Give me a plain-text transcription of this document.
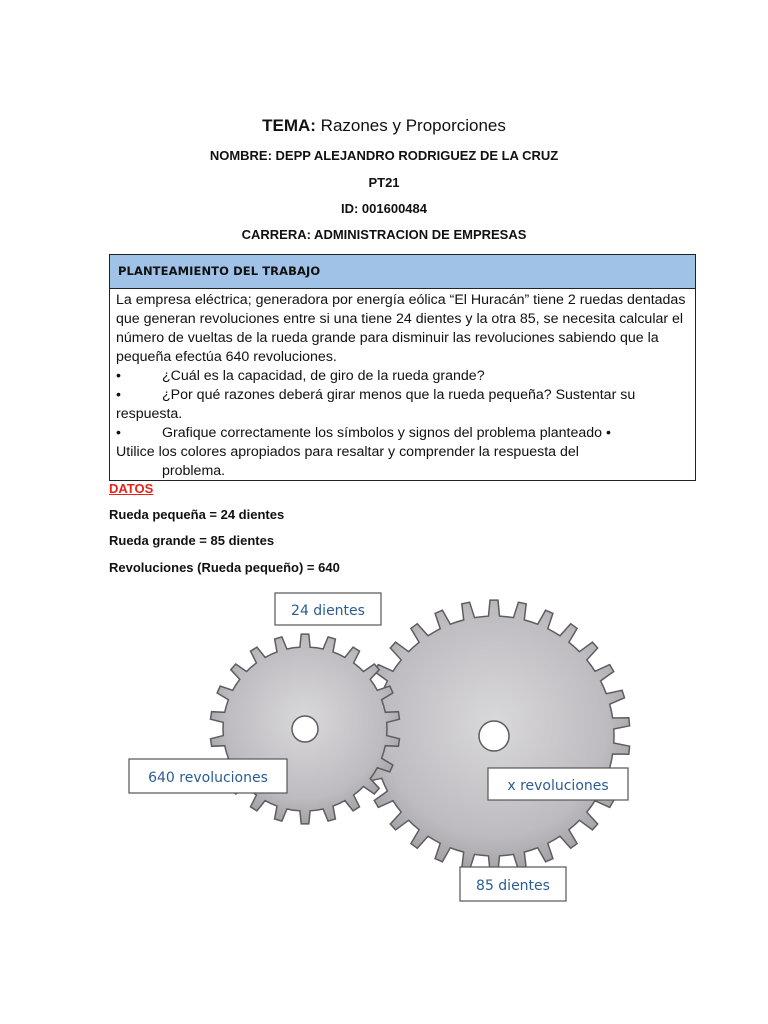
TEMA: Razones y Proporciones
NOMBRE: DEPP ALEJANDRO RODRIGUEZ DE LA CRUZ
PT21
ID: 001600484
CARRERA: ADMINISTRACION DE EMPRESAS
PLANTEAMIENTO DEL TRABAJO

La empresa eléctrica; generadora por energía eólica “El Huracán” tiene 2 ruedas dentadas que generan revoluciones entre si una tiene 24 dientes y la otra 85, se necesita calcular el número de vueltas de la rueda grande para disminuir las revoluciones sabiendo que la pequeña efectúa 640 revoluciones.

•	¿Cuál es la capacidad, de giro de la rueda grande?
•	¿Por qué razones deberá girar menos que la rueda pequeña? Sustentar su respuesta.
•	Grafique correctamente los símbolos y signos del problema planteado •

Utilice los colores apropiados para resaltar y comprender la respuesta del

problema.

DATOS
Rueda pequeña = 24 dientes
Rueda grande = 85 dientes
Revoluciones (Rueda pequeño) = 640
24 dientes
640 revoluciones	x revoluciones
85 dientes
